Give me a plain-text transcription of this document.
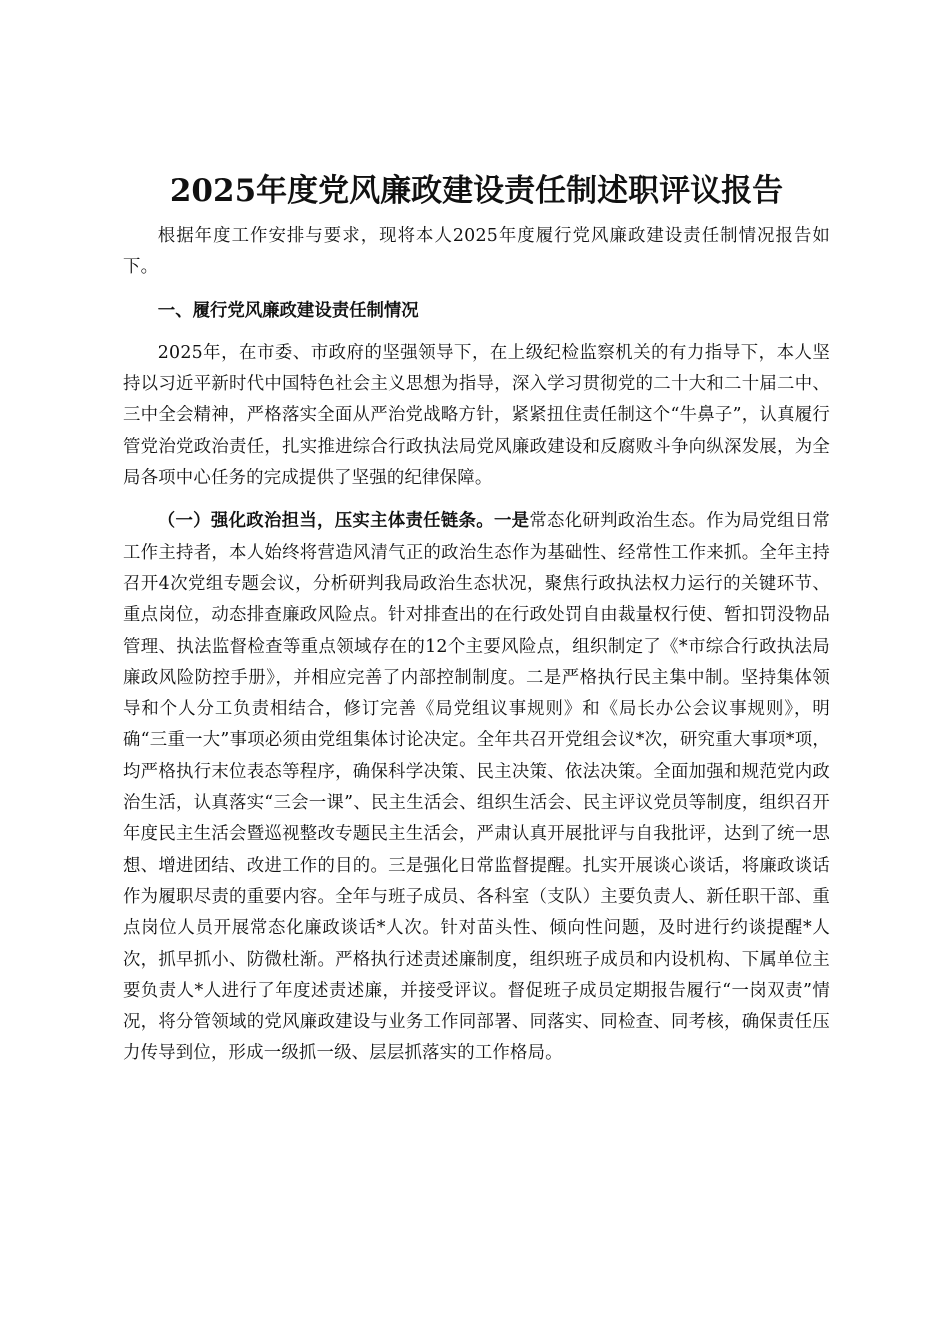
2025年度党风廉政建设责任制述职评议报告

根据年度工作安排与要求，现将本人2025年度履行党风廉政建设责任制情况报告如下。

一、履行党风廉政建设责任制情况

2025年，在市委、市政府的坚强领导下，在上级纪检监察机关的有力指导下，本人坚持以习近平新时代中国特色社会主义思想为指导，深入学习贯彻党的二十大和二十届二中、三中全会精神，严格落实全面从严治党战略方针，紧紧扭住责任制这个“牛鼻子”，认真履行管党治党政治责任，扎实推进综合行政执法局党风廉政建设和反腐败斗争向纵深发展，为全局各项中心任务的完成提供了坚强的纪律保障。

（一）强化政治担当，压实主体责任链条。一是常态化研判政治生态。作为局党组日常工作主持者，本人始终将营造风清气正的政治生态作为基础性、经常性工作来抓。全年主持召开4次党组专题会议，分析研判我局政治生态状况，聚焦行政执法权力运行的关键环节、重点岗位，动态排查廉政风险点。针对排查出的在行政处罚自由裁量权行使、暂扣罚没物品管理、执法监督检查等重点领域存在的12个主要风险点，组织制定了《*市综合行政执法局廉政风险防控手册》，并相应完善了内部控制制度。二是严格执行民主集中制。坚持集体领导和个人分工负责相结合，修订完善《局党组议事规则》和《局长办公会议事规则》，明确“三重一大”事项必须由党组集体讨论决定。全年共召开党组会议*次，研究重大事项*项，均严格执行末位表态等程序，确保科学决策、民主决策、依法决策。全面加强和规范党内政治生活，认真落实“三会一课”、民主生活会、组织生活会、民主评议党员等制度，组织召开年度民主生活会暨巡视整改专题民主生活会，严肃认真开展批评与自我批评，达到了统一思想、增进团结、改进工作的目的。三是强化日常监督提醒。扎实开展谈心谈话，将廉政谈话作为履职尽责的重要内容。全年与班子成员、各科室（支队）主要负责人、新任职干部、重点岗位人员开展常态化廉政谈话*人次。针对苗头性、倾向性问题，及时进行约谈提醒*人次，抓早抓小、防微杜渐。严格执行述责述廉制度，组织班子成员和内设机构、下属单位主要负责人*人进行了年度述责述廉，并接受评议。督促班子成员定期报告履行“一岗双责”情况，将分管领域的党风廉政建设与业务工作同部署、同落实、同检查、同考核，确保责任压力传导到位，形成一级抓一级、层层抓落实的工作格局。
